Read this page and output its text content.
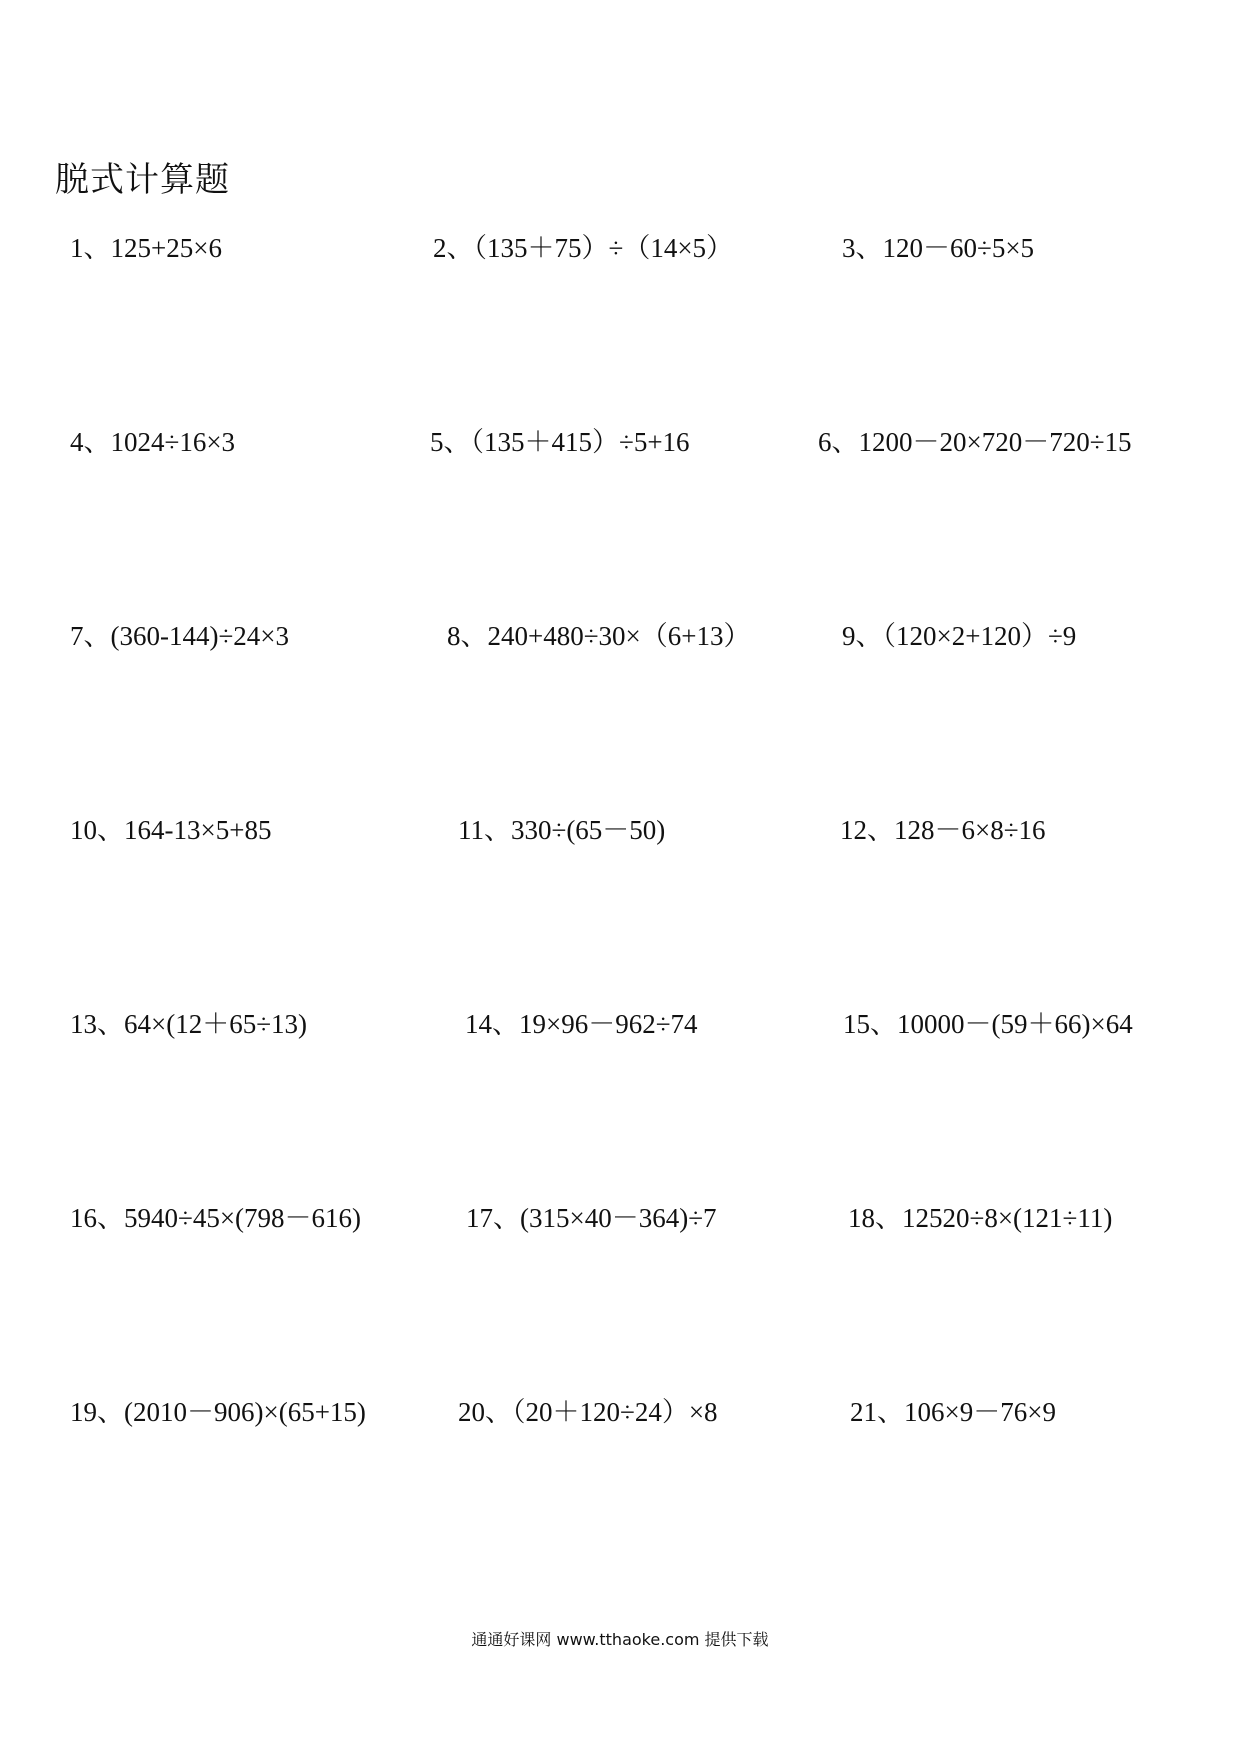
脱式计算题
1、125+25×6	2、（135＋75）÷（14×5）	3、120－60÷5×5
4、1024÷16×3	5、（135＋415）÷5+16	6、1200－20×720－720÷15
7、(360-144)÷24×3	8、240+480÷30×（6+13）	9、（120×2+120）÷9
10、164-13×5+85	11、330÷(65－50)	12、128－6×8÷16
13、64×(12＋65÷13)	14、19×96－962÷74	15、10000－(59＋66)×64
16、5940÷45×(798－616)	17、(315×40－364)÷7	18、12520÷8×(121÷11)
19、(2010－906)×(65+15)	20、（20＋120÷24）×8	21、106×9－76×9
通通好课网 www.tthaoke.com 提供下载
